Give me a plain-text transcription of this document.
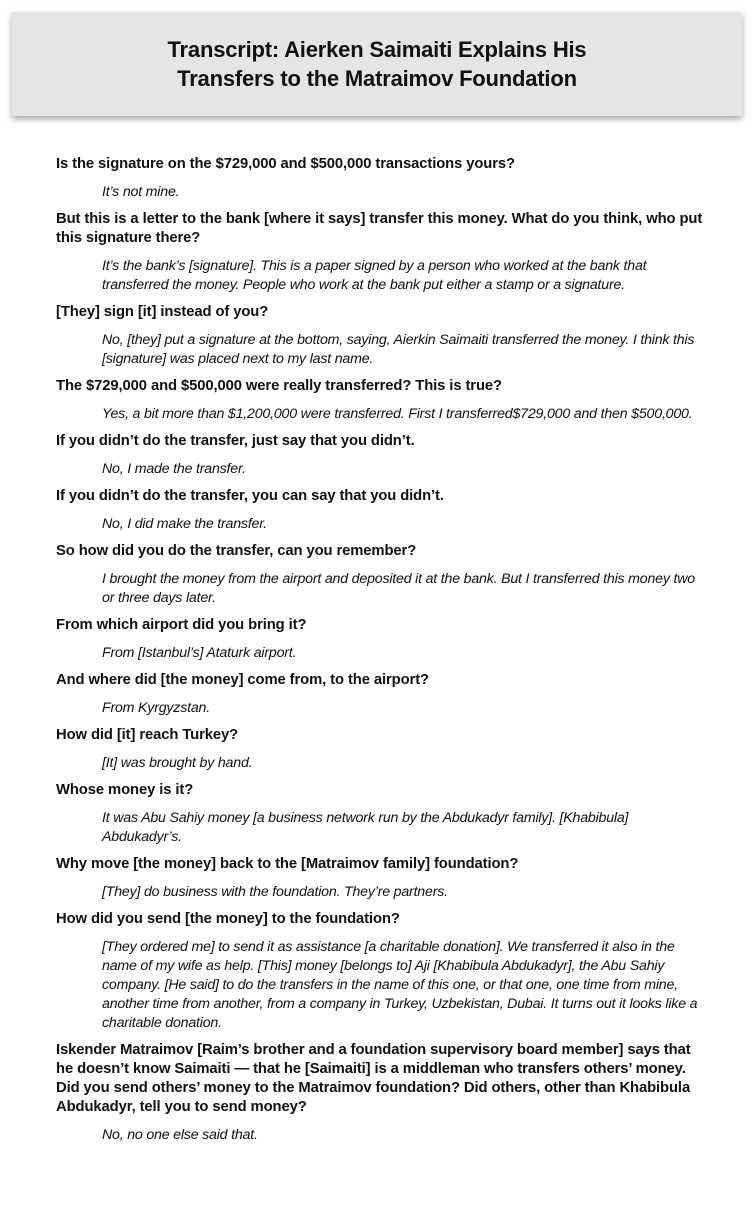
Transcript: Aierken Saimaiti Explains His Transfers to the Matraimov Foundation

Is the signature on the $729,000 and $500,000 transactions yours?

It’s not mine.

But this is a letter to the bank [where it says] transfer this money. What do you think, who put this signature there?

It’s the bank’s [signature]. This is a paper signed by a person who worked at the bank that transferred the money. People who work at the bank put either a stamp or a signature.

[They] sign [it] instead of you?

No, [they] put a signature at the bottom, saying, Aierkin Saimaiti transferred the money. I think this [signature] was placed next to my last name.

The $729,000 and $500,000 were really transferred? This is true?

Yes, a bit more than $1,200,000 were transferred. First I transferred$729,000 and then $500,000.

If you didn’t do the transfer, just say that you didn’t.

No, I made the transfer.

If you didn’t do the transfer, you can say that you didn’t.

No, I did make the transfer.

So how did you do the transfer, can you remember?

I brought the money from the airport and deposited it at the bank. But I transferred this money two or three days later.

From which airport did you bring it?

From [Istanbul’s] Ataturk airport.

And where did [the money] come from, to the airport?

From Kyrgyzstan.

How did [it] reach Turkey?

[It] was brought by hand.

Whose money is it?

It was Abu Sahiy money [a business network run by the Abdukadyr family]. [Khabibula] Abdukadyr’s.

Why move [the money] back to the [Matraimov family] foundation?

[They] do business with the foundation. They’re partners.

How did you send [the money] to the foundation?

[They ordered me] to send it as assistance [a charitable donation]. We transferred it also in the name of my wife as help. [This] money [belongs to] Aji [Khabibula Abdukadyr], the Abu Sahiy company. [He said] to do the transfers in the name of this one, or that one, one time from mine, another time from another, from a company in Turkey, Uzbekistan, Dubai. It turns out it looks like a charitable donation.

Iskender Matraimov [Raim’s brother and a foundation supervisory board member] says that he doesn’t know Saimaiti — that he [Saimaiti] is a middleman who transfers others’ money. Did you send others’ money to the Matraimov foundation? Did others, other than Khabibula Abdukadyr, tell you to send money?

No, no one else said that.
